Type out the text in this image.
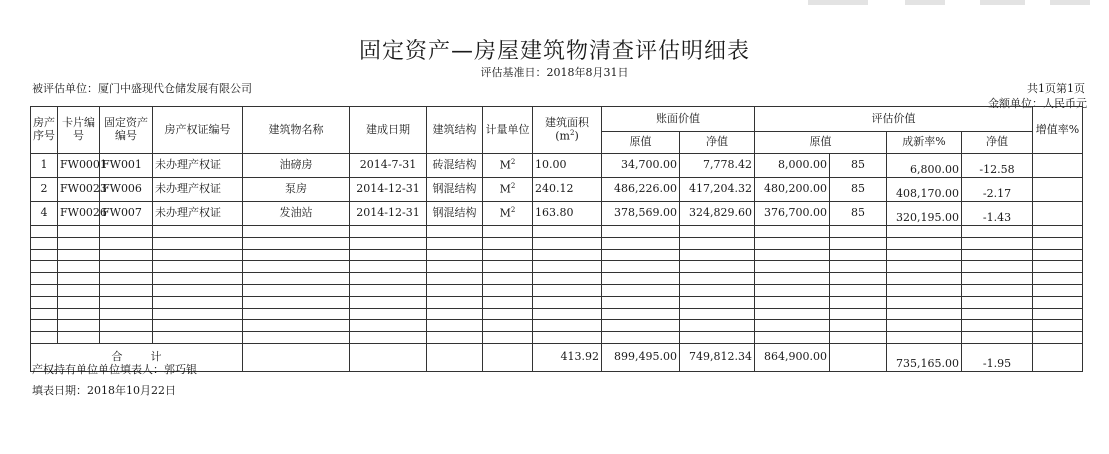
固定资产—房屋建筑物清查评估明细表
评估基准日：2018年8月31日
被评估单位：厦门中盛现代仓储发展有限公司	共1页第1页
金额单位：人民币元
房产序号	卡片编号	固定资产编号	房产权证编号	建筑物名称	建成日期	建筑结构	计量单位	建筑面积
$(m^2)$	账面价值		评估价值				增值率%	
									原值	净值	原值		成新率%	净值		
1	FW0001	FW001	未办理产权证	油磅房	2014-7-31	砖混结构	$M^2$	10.00	34,700.00	7,778.42	8,000.00	85	6,800.00	-12.58		
2	FW0023	FW006	未办理产权证	泵房	2014-12-31	钢混结构	$M^2$	240.12	486,226.00	417,204.32	480,200.00	85	408,170.00	-2.17		
4	FW0026	FW007	未办理产权证	发油站	2014-12-31	钢混结构	$M^2$	163.80	378,569.00	324,829.60	376,700.00	85	320,195.00	-1.43		

合 计								413.92	899,495.00	749,812.34	864,900.00		735,165.00	-1.95		
产权持有单位单位填表人：郭巧银
填表日期：2018年10月22日
